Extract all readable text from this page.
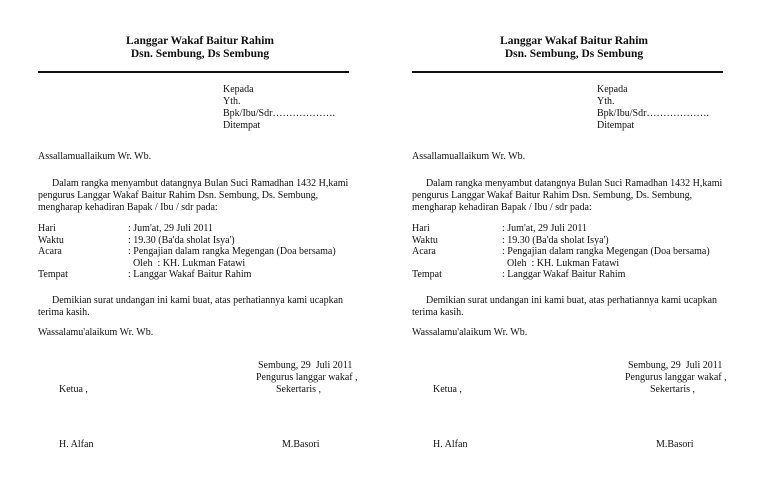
Langgar Wakaf Baitur Rahim
Dsn. Sembung, Ds Sembung
Kepada
Yth.
Bpk/Ibu/Sdr……………….
Ditempat
Assallamuallaikum Wr. Wb.
Dalam rangka menyambut datangnya Bulan Suci Ramadhan 1432 H,kami
pengurus Langgar Wakaf Baitur Rahim Dsn. Sembung, Ds. Sembung,
mengharap kehadiran Bapak / Ibu / sdr pada:
Hari	: Jum'at, 29 Juli 2011
Waktu	: 19.30 (Ba'da sholat Isya')
Acara	: Pengajian dalam rangka Megengan (Doa bersama)
Oleh  : KH. Lukman Fatawi
Tempat	: Langgar Wakaf Baitur Rahim
Demikian surat undangan ini kami buat, atas perhatiannya kami ucapkan
terima kasih.
Wassalamu'alaikum Wr. Wb.
Sembung, 29  Juli 2011
Pengurus langgar wakaf ,
Ketua ,	Sekertaris ,
H. Alfan	M.Basori
Langgar Wakaf Baitur Rahim
Dsn. Sembung, Ds Sembung
Kepada
Yth.
Bpk/Ibu/Sdr……………….
Ditempat
Assallamuallaikum Wr. Wb.
Dalam rangka menyambut datangnya Bulan Suci Ramadhan 1432 H,kami
pengurus Langgar Wakaf Baitur Rahim Dsn. Sembung, Ds. Sembung,
mengharap kehadiran Bapak / Ibu / sdr pada:
Hari	: Jum'at, 29 Juli 2011
Waktu	: 19.30 (Ba'da sholat Isya')
Acara	: Pengajian dalam rangka Megengan (Doa bersama)
Oleh  : KH. Lukman Fatawi
Tempat	: Langgar Wakaf Baitur Rahim
Demikian surat undangan ini kami buat, atas perhatiannya kami ucapkan
terima kasih.
Wassalamu'alaikum Wr. Wb.
Sembung, 29  Juli 2011
Pengurus langgar wakaf ,
Ketua ,	Sekertaris ,
H. Alfan	M.Basori
